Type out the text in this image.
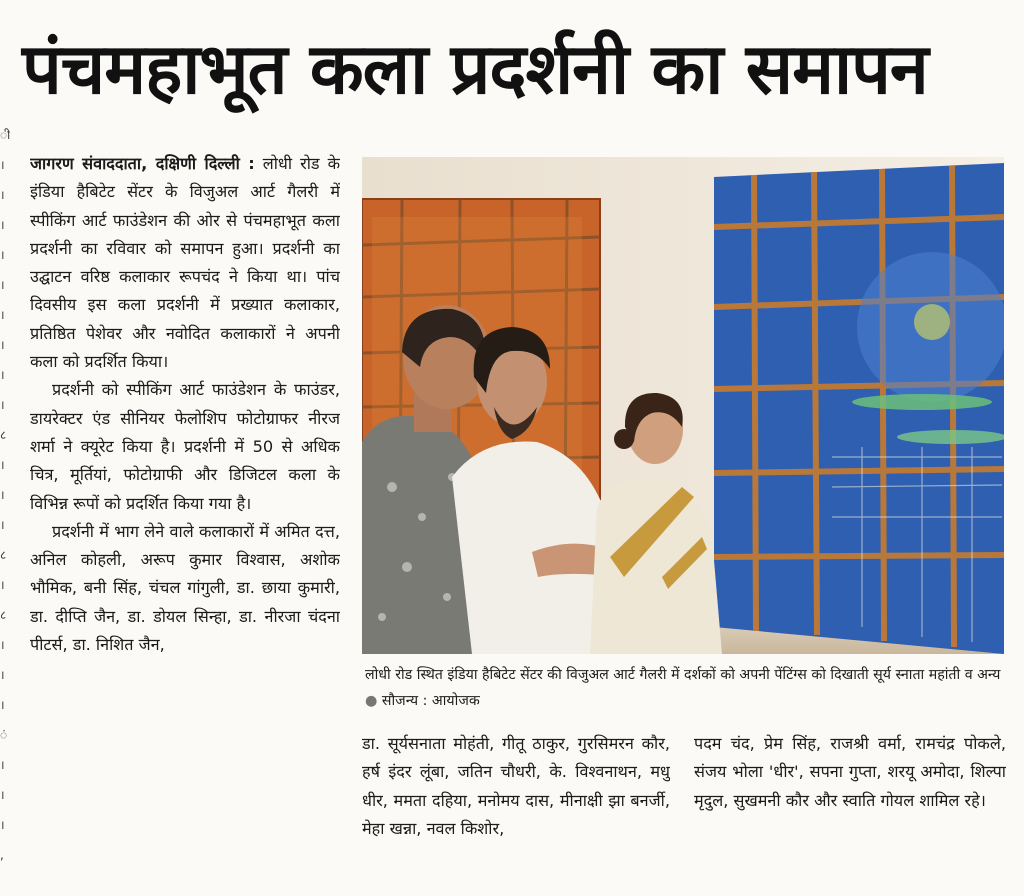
पंचमहाभूत कला प्रदर्शनी का समापन
ी
।
।
।
।
।
।
।
।
।
८
।
।
।
८
।
८
।
।
।
ं
।
।
।
,

जागरण संवाददाता, दक्षिणी दिल्ली : लोधी रोड के इंडिया हैबिटेट सेंटर के विजुअल आर्ट गैलरी में स्पीकिंग आर्ट फाउंडेशन की ओर से पंचमहाभूत कला प्रदर्शनी का रविवार को समापन हुआ। प्रदर्शनी का उद्घाटन वरिष्ठ कलाकार रूपचंद ने किया था। पांच दिवसीय इस कला प्रदर्शनी में प्रख्यात कलाकार, प्रतिष्ठित पेशेवर और नवोदित कलाकारों ने अपनी कला को प्रदर्शित किया।

प्रदर्शनी को स्पीकिंग आर्ट फाउंडेशन के फाउंडर, डायरेक्टर एंड सीनियर फेलोशिप फोटोग्राफर नीरज शर्मा ने क्यूरेट किया है। प्रदर्शनी में 50 से अधिक चित्र, मूर्तियां, फोटोग्राफी और डिजिटल कला के विभिन्न रूपों को प्रदर्शित किया गया है।

प्रदर्शनी में भाग लेने वाले कलाकारों में अमित दत्त, अनिल कोहली, अरूप कुमार विश्वास, अशोक भौमिक, बनी सिंह, चंचल गांगुली, डा. छाया कुमारी, डा. दीप्ति जैन, डा. डोयल सिन्हा, डा. नीरजा चंदना पीटर्स, डा. निशित जैन,

लोधी रोड स्थित इंडिया हैबिटेट सेंटर की विजुअल आर्ट गैलरी में दर्शकों को अपनी पेंटिंग्स को दिखाती सूर्य स्नाता महांती व अन्य ● सौजन्य : आयोजक

डा. सूर्यसनाता मोहंती, गीतू ठाकुर, गुरसिमरन कौर, हर्ष इंदर लूंबा, जतिन चौधरी, के. विश्वनाथन, मधु धीर, ममता दहिया, मनोमय दास, मीनाक्षी झा बनर्जी, मेहा खन्ना, नवल किशोर,

पदम चंद, प्रेम सिंह, राजश्री वर्मा, रामचंद्र पोकले, संजय भोला 'धीर', सपना गुप्ता, शरयू अमोदा, शिल्पा मृदुल, सुखमनी कौर और स्वाति गोयल शामिल रहे।
